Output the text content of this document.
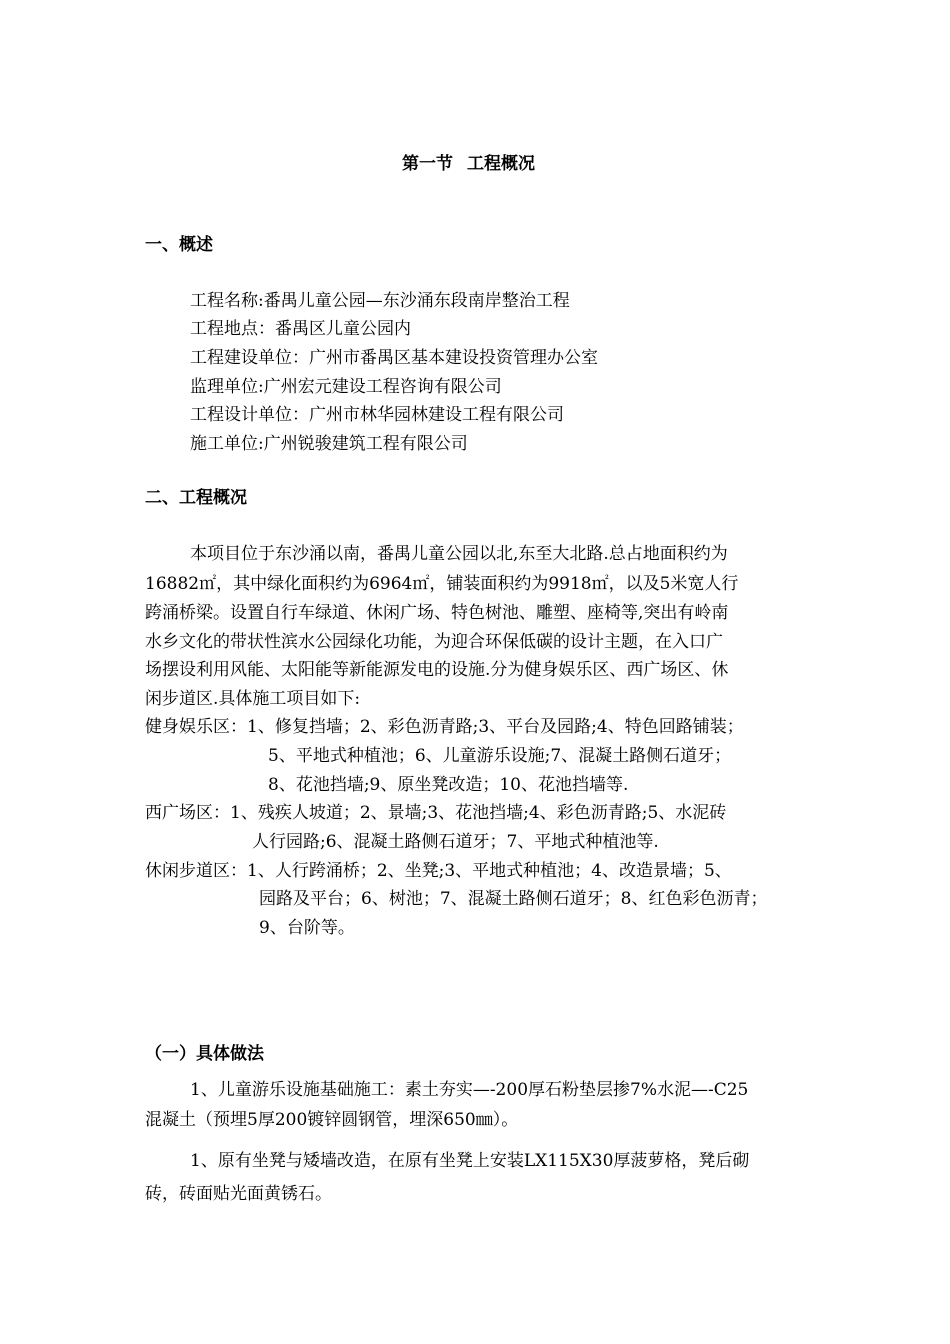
第一节 工程概况
一、概述
工程名称:番禺儿童公园—东沙涌东段南岸整治工程
工程地点：番禺区儿童公园内
工程建设单位：广州市番禺区基本建设投资管理办公室
监理单位:广州宏元建设工程咨询有限公司
工程设计单位：广州市林华园林建设工程有限公司
施工单位:广州锐骏建筑工程有限公司
二、工程概况
本项目位于东沙涌以南，番禺儿童公园以北,东至大北路.总占地面积约为
16882㎡，其中绿化面积约为6964㎡，铺装面积约为9918㎡，以及5米宽人行
跨涌桥梁。设置自行车绿道、休闲广场、特色树池、雕塑、座椅等,突出有岭南
水乡文化的带状性滨水公园绿化功能，为迎合环保低碳的设计主题，在入口广
场摆设利用风能、太阳能等新能源发电的设施.分为健身娱乐区、西广场区、休
闲步道区.具体施工项目如下:
健身娱乐区：1、修复挡墙；2、彩色沥青路;3、平台及园路;4、特色回路铺装；
5、平地式种植池；6、儿童游乐设施;7、混凝土路侧石道牙；
8、花池挡墙;9、原坐凳改造；10、花池挡墙等.
西广场区：1、残疾人坡道；2、景墙;3、花池挡墙;4、彩色沥青路;5、水泥砖
人行园路;6、混凝土路侧石道牙；7、平地式种植池等.
休闲步道区：1、人行跨涌桥；2、坐凳;3、平地式种植池；4、改造景墙；5、
园路及平台；6、树池；7、混凝土路侧石道牙；8、红色彩色沥青；
9、台阶等。
（一）具体做法
1、儿童游乐设施基础施工：素土夯实—-200厚石粉垫层掺7%水泥—-C25
混凝土（预埋5厚200镀锌圆钢管，埋深650㎜）。
1、原有坐凳与矮墙改造，在原有坐凳上安装LX115X30厚菠萝格，凳后砌
砖，砖面贴光面黄锈石。
